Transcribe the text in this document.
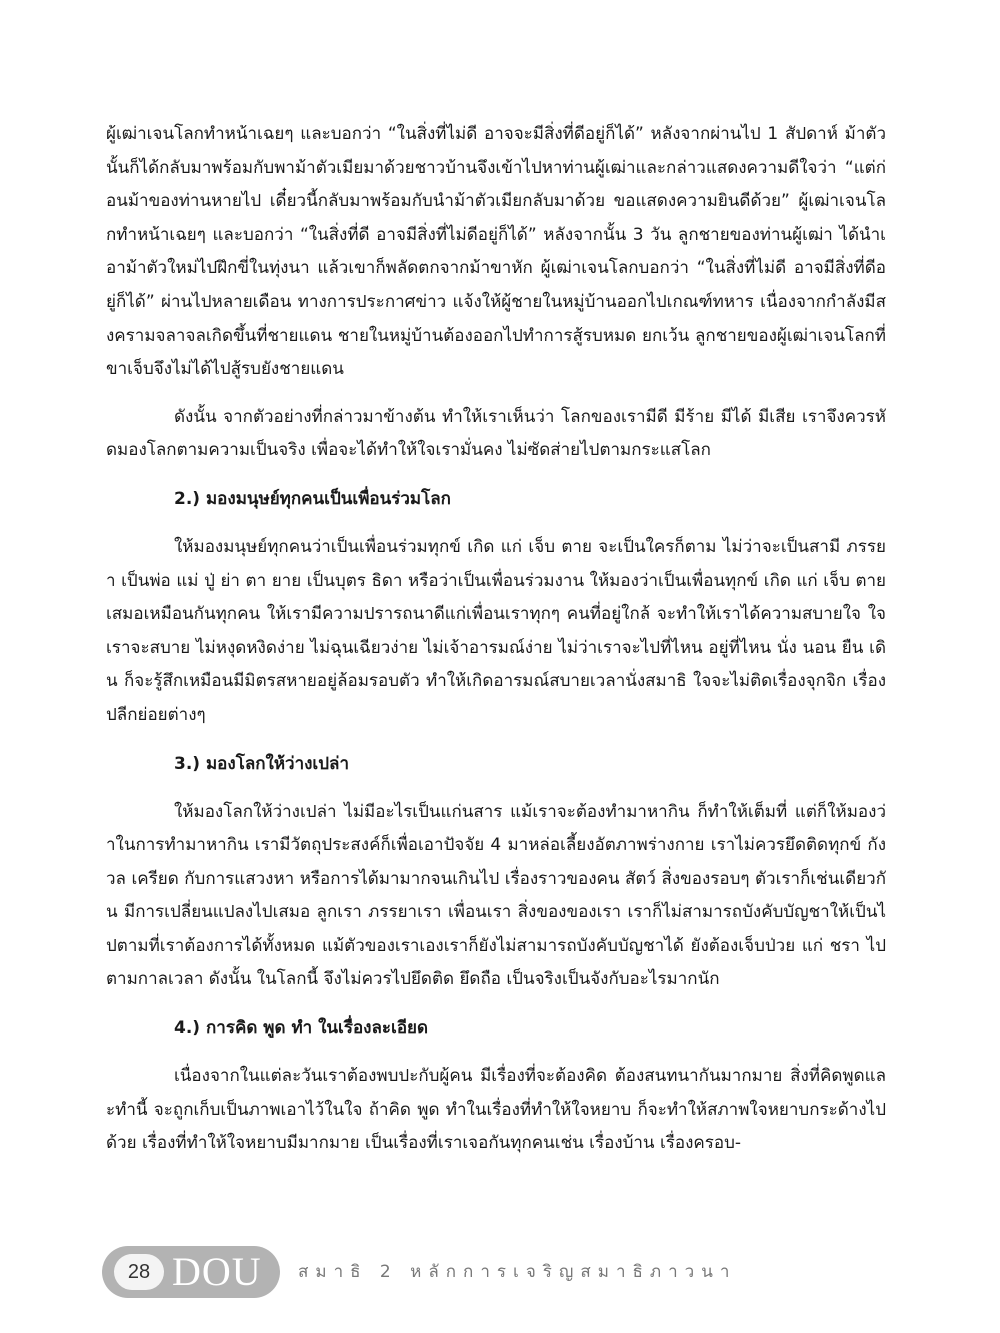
ผู้เฒ่าเจนโลกทำหน้าเฉยๆ และบอกว่า “ในสิ่งที่ไม่ดี อาจจะมีสิ่งที่ดีอยู่ก็ได้” หลังจากผ่านไป 1 สัปดาห์ ม้าตัวนั้นก็ได้กลับมาพร้อมกับพาม้าตัวเมียมาด้วยชาวบ้านจึงเข้าไปหาท่านผู้เฒ่าและกล่าวแสดงความดีใจว่า “แต่ก่อนม้าของท่านหายไป เดี๋ยวนี้กลับมาพร้อมกับนำม้าตัวเมียกลับมาด้วย ขอแสดงความยินดีด้วย” ผู้เฒ่าเจนโลกทำหน้าเฉยๆ และบอกว่า “ในสิ่งที่ดี อาจมีสิ่งที่ไม่ดีอยู่ก็ได้” หลังจากนั้น 3 วัน ลูกชายของท่านผู้เฒ่า ได้นำเอาม้าตัวใหม่ไปฝึกขี่ในทุ่งนา แล้วเขาก็พลัดตกจากม้าขาหัก ผู้เฒ่าเจนโลกบอกว่า “ในสิ่งที่ไม่ดี อาจมีสิ่งที่ดีอยู่ก็ได้” ผ่านไปหลายเดือน ทางการประกาศข่าว แจ้งให้ผู้ชายในหมู่บ้านออกไปเกณฑ์ทหาร เนื่องจากกำลังมีสงครามจลาจลเกิดขึ้นที่ชายแดน ชายในหมู่บ้านต้องออกไปทำการสู้รบหมด ยกเว้น ลูกชายของผู้เฒ่าเจนโลกที่ขาเจ็บจึงไม่ได้ไปสู้รบยังชายแดน

ดังนั้น จากตัวอย่างที่กล่าวมาข้างต้น ทำให้เราเห็นว่า โลกของเรามีดี มีร้าย มีได้ มีเสีย เราจึงควรหัดมองโลกตามความเป็นจริง เพื่อจะได้ทำให้ใจเรามั่นคง ไม่ซัดส่ายไปตามกระแสโลก

2.) มองมนุษย์ทุกคนเป็นเพื่อนร่วมโลก

ให้มองมนุษย์ทุกคนว่าเป็นเพื่อนร่วมทุกข์ เกิด แก่ เจ็บ ตาย จะเป็นใครก็ตาม ไม่ว่าจะเป็นสามี ภรรยา เป็นพ่อ แม่ ปู่ ย่า ตา ยาย เป็นบุตร ธิดา หรือว่าเป็นเพื่อนร่วมงาน ให้มองว่าเป็นเพื่อนทุกข์ เกิด แก่ เจ็บ ตาย เสมอเหมือนกันทุกคน ให้เรามีความปรารถนาดีแก่เพื่อนเราทุกๆ คนที่อยู่ใกล้ จะทำให้เราได้ความสบายใจ ใจเราจะสบาย ไม่หงุดหงิดง่าย ไม่ฉุนเฉียวง่าย ไม่เจ้าอารมณ์ง่าย ไม่ว่าเราจะไปที่ไหน อยู่ที่ไหน นั่ง นอน ยืน เดิน ก็จะรู้สึกเหมือนมีมิตรสหายอยู่ล้อมรอบตัว ทำให้เกิดอารมณ์สบายเวลานั่งสมาธิ ใจจะไม่ติดเรื่องจุกจิก เรื่องปลีกย่อยต่างๆ

3.) มองโลกให้ว่างเปล่า

ให้มองโลกให้ว่างเปล่า ไม่มีอะไรเป็นแก่นสาร แม้เราจะต้องทำมาหากิน ก็ทำให้เต็มที่ แต่ก็ให้มองว่าในการทำมาหากิน เรามีวัตถุประสงค์ก็เพื่อเอาปัจจัย 4 มาหล่อเลี้ยงอัตภาพร่างกาย เราไม่ควรยึดติดทุกข์ กังวล เครียด กับการแสวงหา หรือการได้มามากจนเกินไป เรื่องราวของคน สัตว์ สิ่งของรอบๆ ตัวเราก็เช่นเดียวกัน มีการเปลี่ยนแปลงไปเสมอ ลูกเรา ภรรยาเรา เพื่อนเรา สิ่งของของเรา เราก็ไม่สามารถบังคับบัญชาให้เป็นไปตามที่เราต้องการได้ทั้งหมด แม้ตัวของเราเองเราก็ยังไม่สามารถบังคับบัญชาได้ ยังต้องเจ็บป่วย แก่ ชรา ไปตามกาลเวลา ดังนั้น ในโลกนี้ จึงไม่ควรไปยึดติด ยึดถือ เป็นจริงเป็นจังกับอะไรมากนัก

4.) การคิด พูด ทำ ในเรื่องละเอียด

เนื่องจากในแต่ละวันเราต้องพบปะกับผู้คน มีเรื่องที่จะต้องคิด ต้องสนทนากันมากมาย สิ่งที่คิดพูดและทำนี้ จะถูกเก็บเป็นภาพเอาไว้ในใจ ถ้าคิด พูด ทำในเรื่องที่ทำให้ใจหยาบ ก็จะทำให้สภาพใจหยาบกระด้างไปด้วย เรื่องที่ทำให้ใจหยาบมีมากมาย เป็นเรื่องที่เราเจอกันทุกคนเช่น เรื่องบ้าน เรื่องครอบ-

28 DOU สมาธิ 2 หลักการเจริญสมาธิภาวนา
